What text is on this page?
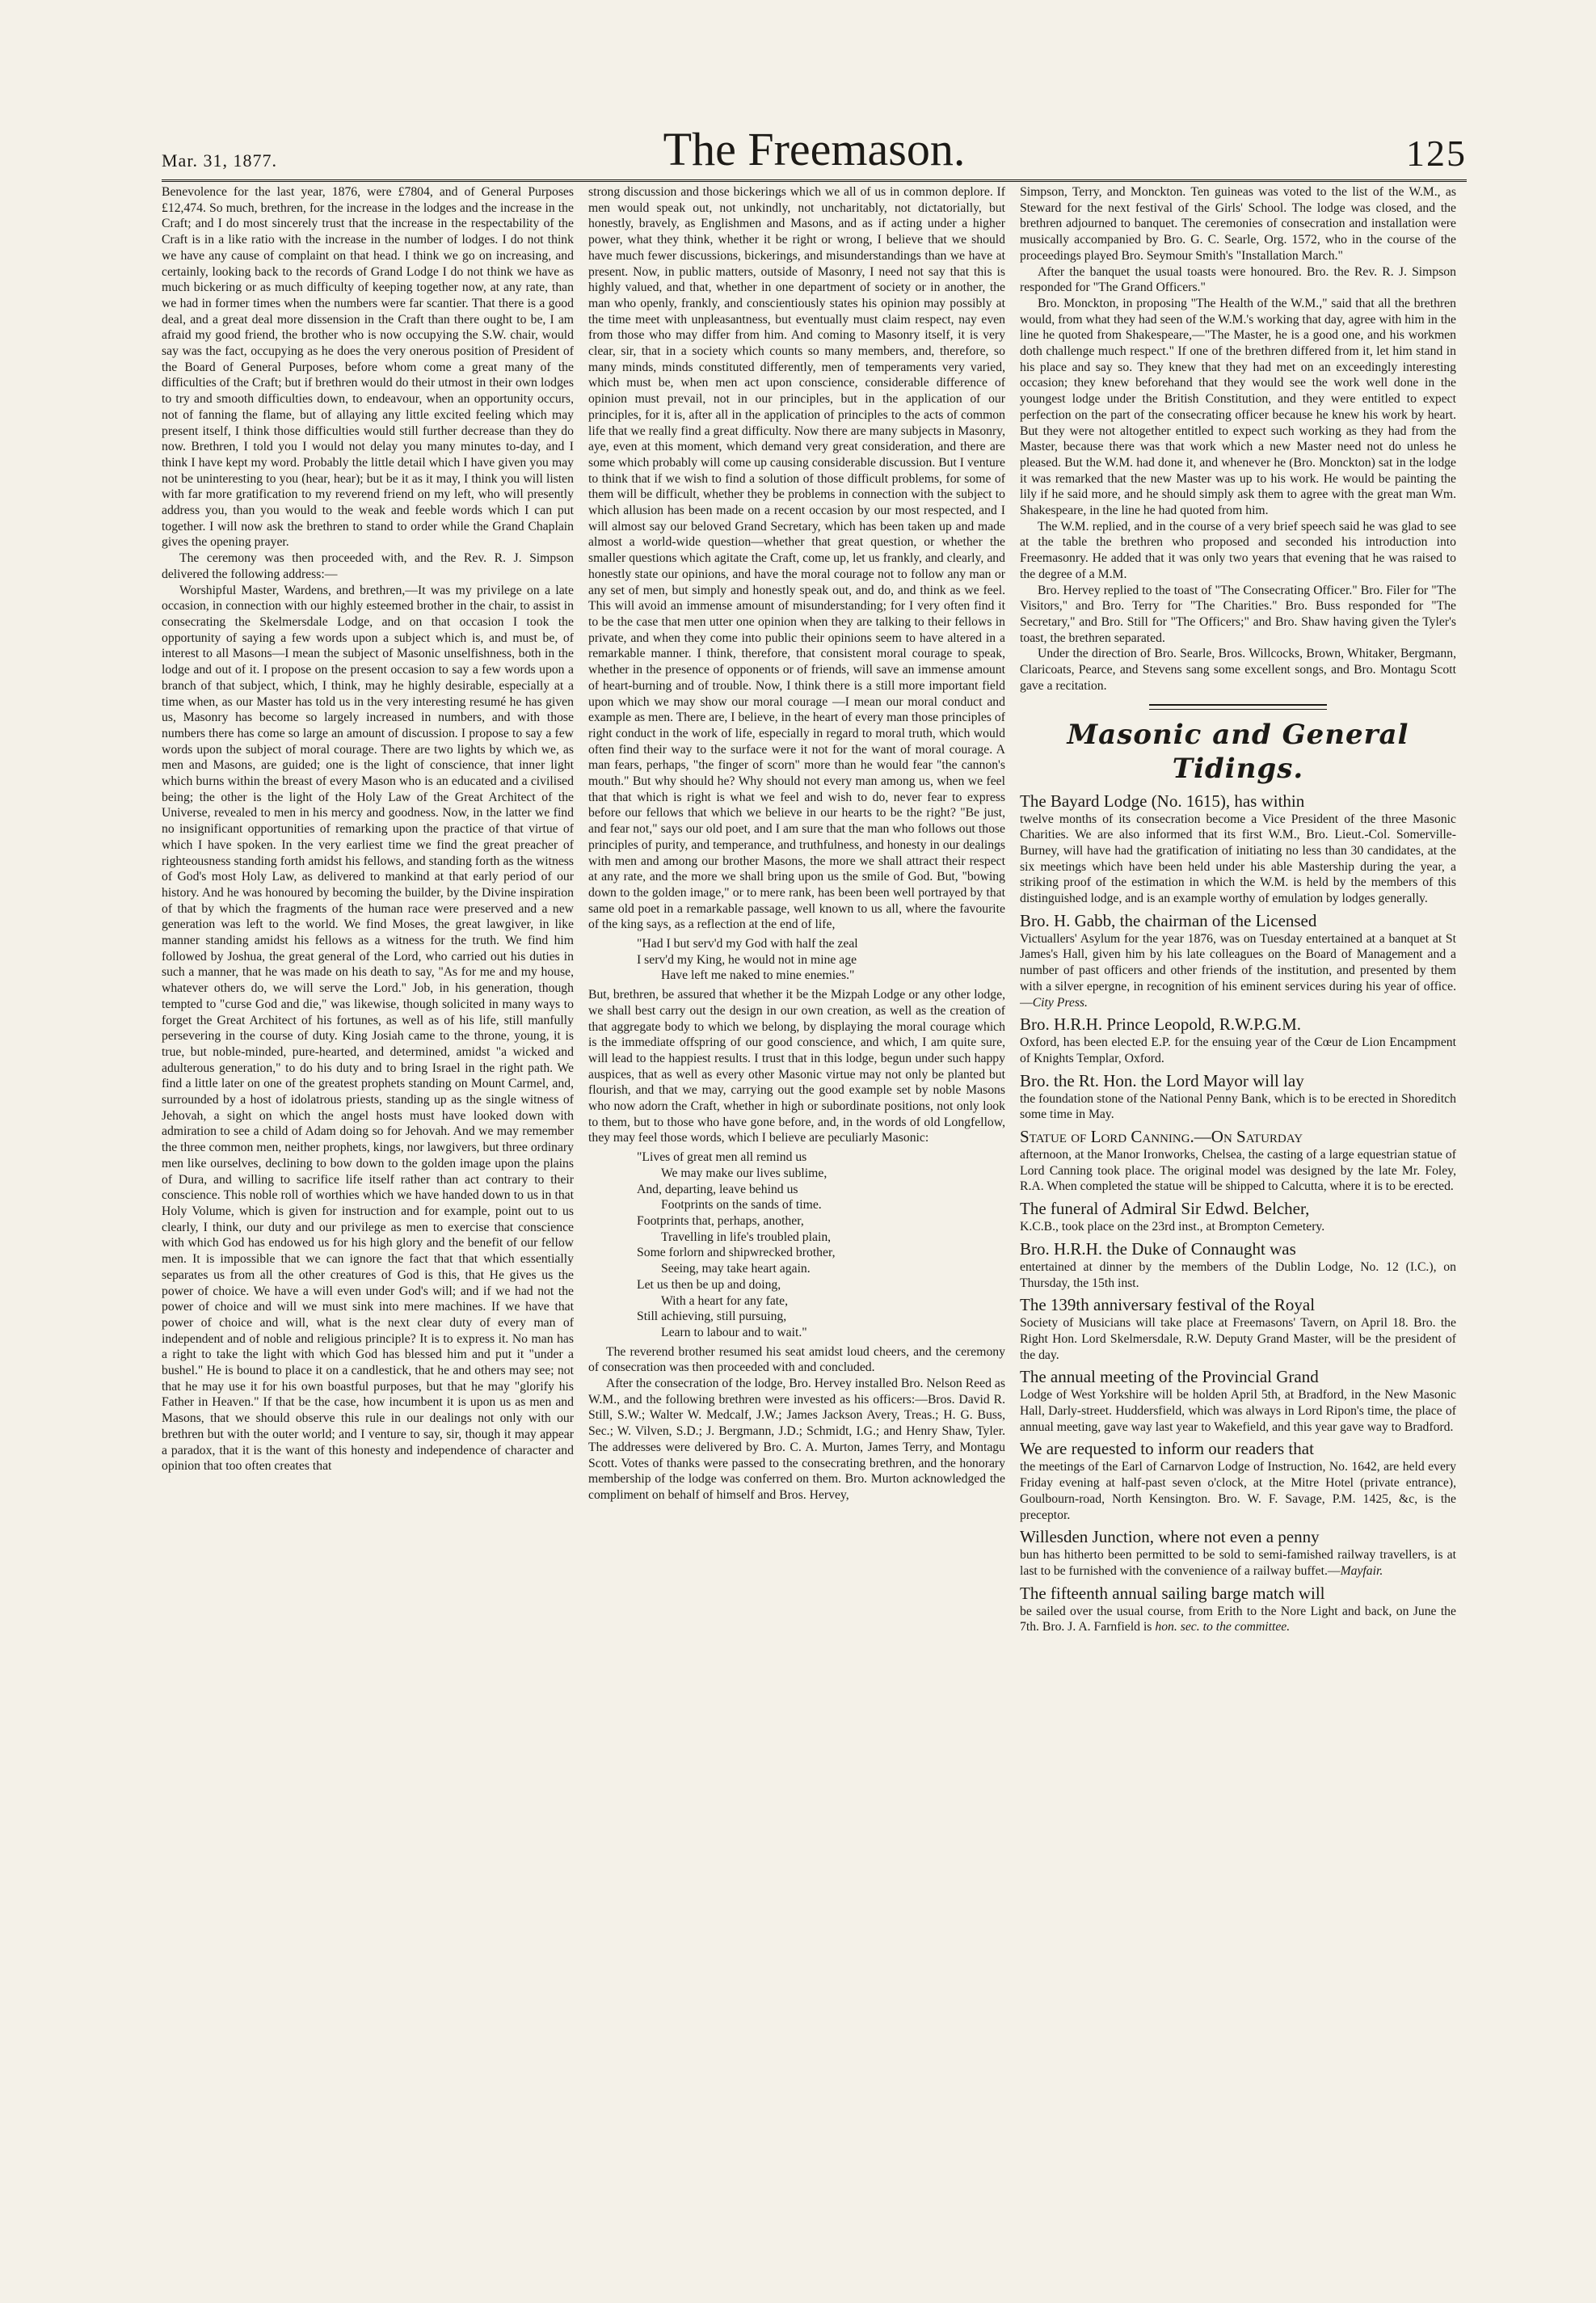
Mar. 31, 1877.	The Freemason.	125

Benevolence for the last year, 1876, were £7804, and of General Purposes £12,474. So much, brethren, for the increase in the lodges and the increase in the Craft; and I do most sincerely trust that the increase in the respectability of the Craft is in a like ratio with the increase in the number of lodges. I do not think we have any cause of complaint on that head. I think we go on increasing, and certainly, looking back to the records of Grand Lodge I do not think we have as much bickering or as much difficulty of keeping together now, at any rate, than we had in former times when the numbers were far scantier. That there is a good deal, and a great deal more dissension in the Craft than there ought to be, I am afraid my good friend, the brother who is now occupying the S.W. chair, would say was the fact, occupying as he does the very onerous position of President of the Board of General Purposes, before whom come a great many of the difficulties of the Craft; but if brethren would do their utmost in their own lodges to try and smooth difficulties down, to endeavour, when an opportunity occurs, not of fanning the flame, but of allaying any little excited feeling which may present itself, I think those difficulties would still further decrease than they do now. Brethren, I told you I would not delay you many minutes to-day, and I think I have kept my word. Probably the little detail which I have given you may not be uninteresting to you (hear, hear); but be it as it may, I think you will listen with far more gratification to my reverend friend on my left, who will presently address you, than you would to the weak and feeble words which I can put together. I will now ask the brethren to stand to order while the Grand Chaplain gives the opening prayer.

The ceremony was then proceeded with, and the Rev. R. J. Simpson delivered the following address:—

Worshipful Master, Wardens, and brethren,—It was my privilege on a late occasion, in connection with our highly esteemed brother in the chair, to assist in consecrating the Skelmersdale Lodge, and on that occasion I took the opportunity of saying a few words upon a subject which is, and must be, of interest to all Masons—I mean the subject of Masonic unselfishness, both in the lodge and out of it. I propose on the present occasion to say a few words upon a branch of that subject, which, I think, may he highly desirable, especially at a time when, as our Master has told us in the very interesting resumé he has given us, Masonry has become so largely increased in numbers, and with those numbers there has come so large an amount of discussion. I propose to say a few words upon the subject of moral courage. There are two lights by which we, as men and Masons, are guided; one is the light of conscience, that inner light which burns within the breast of every Mason who is an educated and a civilised being; the other is the light of the Holy Law of the Great Architect of the Universe, revealed to men in his mercy and goodness. Now, in the latter we find no insignificant opportunities of remarking upon the practice of that virtue of which I have spoken. In the very earliest time we find the great preacher of righteousness standing forth amidst his fellows, and standing forth as the witness of God's most Holy Law, as delivered to mankind at that early period of our history. And he was honoured by becoming the builder, by the Divine inspiration of that by which the fragments of the human race were preserved and a new generation was left to the world. We find Moses, the great lawgiver, in like manner standing amidst his fellows as a witness for the truth. We find him followed by Joshua, the great general of the Lord, who carried out his duties in such a manner, that he was made on his death to say, "As for me and my house, whatever others do, we will serve the Lord." Job, in his generation, though tempted to "curse God and die," was likewise, though solicited in many ways to forget the Great Architect of his fortunes, as well as of his life, still manfully persevering in the course of duty. King Josiah came to the throne, young, it is true, but noble-minded, pure-hearted, and determined, amidst "a wicked and adulterous generation," to do his duty and to bring Israel in the right path. We find a little later on one of the greatest prophets standing on Mount Carmel, and, surrounded by a host of idolatrous priests, standing up as the single witness of Jehovah, a sight on which the angel hosts must have looked down with admiration to see a child of Adam doing so for Jehovah. And we may remember the three common men, neither prophets, kings, nor lawgivers, but three ordinary men like ourselves, declining to bow down to the golden image upon the plains of Dura, and willing to sacrifice life itself rather than act contrary to their conscience. This noble roll of worthies which we have handed down to us in that Holy Volume, which is given for instruction and for example, point out to us clearly, I think, our duty and our privilege as men to exercise that conscience with which God has endowed us for his high glory and the benefit of our fellow men. It is impossible that we can ignore the fact that that which essentially separates us from all the other creatures of God is this, that He gives us the power of choice. We have a will even under God's will; and if we had not the power of choice and will we must sink into mere machines. If we have that power of choice and will, what is the next clear duty of every man of independent and of noble and religious principle? It is to express it. No man has a right to take the light with which God has blessed him and put it "under a bushel." He is bound to place it on a candlestick, that he and others may see; not that he may use it for his own boastful purposes, but that he may "glorify his Father in Heaven." If that be the case, how incumbent it is upon us as men and Masons, that we should observe this rule in our dealings not only with our brethren but with the outer world; and I venture to say, sir, though it may appear a paradox, that it is the want of this honesty and independence of character and opinion that too often creates that

strong discussion and those bickerings which we all of us in common deplore. If men would speak out, not unkindly, not uncharitably, not dictatorially, but honestly, bravely, as Englishmen and Masons, and as if acting under a higher power, what they think, whether it be right or wrong, I believe that we should have much fewer discussions, bickerings, and misunderstandings than we have at present. Now, in public matters, outside of Masonry, I need not say that this is highly valued, and that, whether in one department of society or in another, the man who openly, frankly, and conscientiously states his opinion may possibly at the time meet with unpleasantness, but eventually must claim respect, nay even from those who may differ from him. And coming to Masonry itself, it is very clear, sir, that in a society which counts so many members, and, therefore, so many minds, minds constituted differently, men of temperaments very varied, which must be, when men act upon conscience, considerable difference of opinion must prevail, not in our principles, but in the application of our principles, for it is, after all in the application of principles to the acts of common life that we really find a great difficulty. Now there are many subjects in Masonry, aye, even at this moment, which demand very great consideration, and there are some which probably will come up causing considerable discussion. But I venture to think that if we wish to find a solution of those difficult problems, for some of them will be difficult, whether they be problems in connection with the subject to which allusion has been made on a recent occasion by our most respected, and I will almost say our beloved Grand Secretary, which has been taken up and made almost a world-wide question—whether that great question, or whether the smaller questions which agitate the Craft, come up, let us frankly, and clearly, and honestly state our opinions, and have the moral courage not to follow any man or any set of men, but simply and honestly speak out, and do, and think as we feel. This will avoid an immense amount of misunderstanding; for I very often find it to be the case that men utter one opinion when they are talking to their fellows in private, and when they come into public their opinions seem to have altered in a remarkable manner. I think, therefore, that consistent moral courage to speak, whether in the presence of opponents or of friends, will save an immense amount of heart-burning and of trouble. Now, I think there is a still more important field upon which we may show our moral courage —I mean our moral conduct and example as men. There are, I believe, in the heart of every man those principles of right conduct in the work of life, especially in regard to moral truth, which would often find their way to the surface were it not for the want of moral courage. A man fears, perhaps, "the finger of scorn" more than he would fear "the cannon's mouth." But why should he? Why should not every man among us, when we feel that that which is right is what we feel and wish to do, never fear to express before our fellows that which we believe in our hearts to be the right? "Be just, and fear not," says our old poet, and I am sure that the man who follows out those principles of purity, and temperance, and truthfulness, and honesty in our dealings with men and among our brother Masons, the more we shall attract their respect at any rate, and the more we shall bring upon us the smile of God. But, "bowing down to the golden image," or to mere rank, has been been well portrayed by that same old poet in a remarkable passage, well known to us all, where the favourite of the king says, as a reflection at the end of life,

"Had I but serv'd my God with half the zeal
I serv'd my King, he would not in mine age
Have left me naked to mine enemies."

But, brethren, be assured that whether it be the Mizpah Lodge or any other lodge, we shall best carry out the design in our own creation, as well as the creation of that aggregate body to which we belong, by displaying the moral courage which is the immediate offspring of our good conscience, and which, I am quite sure, will lead to the happiest results. I trust that in this lodge, begun under such happy auspices, that as well as every other Masonic virtue may not only be planted but flourish, and that we may, carrying out the good example set by noble Masons who now adorn the Craft, whether in high or subordinate positions, not only look to them, but to those who have gone before, and, in the words of old Longfellow, they may feel those words, which I believe are peculiarly Masonic:

"Lives of great men all remind us
We may make our lives sublime,
And, departing, leave behind us
Footprints on the sands of time.
Footprints that, perhaps, another,
Travelling in life's troubled plain,
Some forlorn and shipwrecked brother,
Seeing, may take heart again.
Let us then be up and doing,
With a heart for any fate,
Still achieving, still pursuing,
Learn to labour and to wait."

The reverend brother resumed his seat amidst loud cheers, and the ceremony of consecration was then proceeded with and concluded.

After the consecration of the lodge, Bro. Hervey installed Bro. Nelson Reed as W.M., and the following brethren were invested as his officers:—Bros. David R. Still, S.W.; Walter W. Medcalf, J.W.; James Jackson Avery, Treas.; H. G. Buss, Sec.; W. Vilven, S.D.; J. Bergmann, J.D.; Schmidt, I.G.; and Henry Shaw, Tyler. The addresses were delivered by Bro. C. A. Murton, James Terry, and Montagu Scott. Votes of thanks were passed to the consecrating brethren, and the honorary membership of the lodge was conferred on them. Bro. Murton acknowledged the compliment on behalf of himself and Bros. Hervey,

Simpson, Terry, and Monckton. Ten guineas was voted to the list of the W.M., as Steward for the next festival of the Girls' School. The lodge was closed, and the brethren adjourned to banquet. The ceremonies of consecration and installation were musically accompanied by Bro. G. C. Searle, Org. 1572, who in the course of the proceedings played Bro. Seymour Smith's "Installation March."

After the banquet the usual toasts were honoured. Bro. the Rev. R. J. Simpson responded for "The Grand Officers."

Bro. Monckton, in proposing "The Health of the W.M.," said that all the brethren would, from what they had seen of the W.M.'s working that day, agree with him in the line he quoted from Shakespeare,—"The Master, he is a good one, and his workmen doth challenge much respect." If one of the brethren differed from it, let him stand in his place and say so. They knew that they had met on an exceedingly interesting occasion; they knew beforehand that they would see the work well done in the youngest lodge under the British Constitution, and they were entitled to expect perfection on the part of the consecrating officer because he knew his work by heart. But they were not altogether entitled to expect such working as they had from the Master, because there was that work which a new Master need not do unless he pleased. But the W.M. had done it, and whenever he (Bro. Monckton) sat in the lodge it was remarked that the new Master was up to his work. He would be painting the lily if he said more, and he should simply ask them to agree with the great man Wm. Shakespeare, in the line he had quoted from him.

The W.M. replied, and in the course of a very brief speech said he was glad to see at the table the brethren who proposed and seconded his introduction into Freemasonry. He added that it was only two years that evening that he was raised to the degree of a M.M.

Bro. Hervey replied to the toast of "The Consecrating Officer." Bro. Filer for "The Visitors," and Bro. Terry for "The Charities." Bro. Buss responded for "The Secretary," and Bro. Still for "The Officers;" and Bro. Shaw having given the Tyler's toast, the brethren separated.

Under the direction of Bro. Searle, Bros. Willcocks, Brown, Whitaker, Bergmann, Claricoats, Pearce, and Stevens sang some excellent songs, and Bro. Montagu Scott gave a recitation.

Masonic and General Tidings.
The Bayard Lodge (No. 1615), has within
twelve months of its consecration become a Vice President of the three Masonic Charities. We are also informed that its first W.M., Bro. Lieut.-Col. Somerville-Burney, will have had the gratification of initiating no less than 30 candidates, at the six meetings which have been held under his able Mastership during the year, a striking proof of the estimation in which the W.M. is held by the members of this distinguished lodge, and is an example worthy of emulation by lodges generally.
Bro. H. Gabb, the chairman of the Licensed
Victuallers' Asylum for the year 1876, was on Tuesday entertained at a banquet at St James's Hall, given him by his late colleagues on the Board of Management and a number of past officers and other friends of the institution, and presented by them with a silver epergne, in recognition of his eminent services during his year of office.—City Press.
Bro. H.R.H. Prince Leopold, R.W.P.G.M.
Oxford, has been elected E.P. for the ensuing year of the Cœur de Lion Encampment of Knights Templar, Oxford.
Bro. the Rt. Hon. the Lord Mayor will lay
the foundation stone of the National Penny Bank, which is to be erected in Shoreditch some time in May.
Statue of Lord Canning.—On Saturday
afternoon, at the Manor Ironworks, Chelsea, the casting of a large equestrian statue of Lord Canning took place. The original model was designed by the late Mr. Foley, R.A. When completed the statue will be shipped to Calcutta, where it is to be erected.
The funeral of Admiral Sir Edwd. Belcher,
K.C.B., took place on the 23rd inst., at Brompton Cemetery.
Bro. H.R.H. the Duke of Connaught was
entertained at dinner by the members of the Dublin Lodge, No. 12 (I.C.), on Thursday, the 15th inst.
The 139th anniversary festival of the Royal
Society of Musicians will take place at Freemasons' Tavern, on April 18. Bro. the Right Hon. Lord Skelmersdale, R.W. Deputy Grand Master, will be the president of the day.
The annual meeting of the Provincial Grand
Lodge of West Yorkshire will be holden April 5th, at Bradford, in the New Masonic Hall, Darly-street. Huddersfield, which was always in Lord Ripon's time, the place of annual meeting, gave way last year to Wakefield, and this year gave way to Bradford.
We are requested to inform our readers that
the meetings of the Earl of Carnarvon Lodge of Instruction, No. 1642, are held every Friday evening at half-past seven o'clock, at the Mitre Hotel (private entrance), Goulbourn-road, North Kensington. Bro. W. F. Savage, P.M. 1425, &c, is the preceptor.
Willesden Junction, where not even a penny
bun has hitherto been permitted to be sold to semi-famished railway travellers, is at last to be furnished with the convenience of a railway buffet.—Mayfair.
The fifteenth annual sailing barge match will
be sailed over the usual course, from Erith to the Nore Light and back, on June the 7th. Bro. J. A. Farnfield is hon. sec. to the committee.
